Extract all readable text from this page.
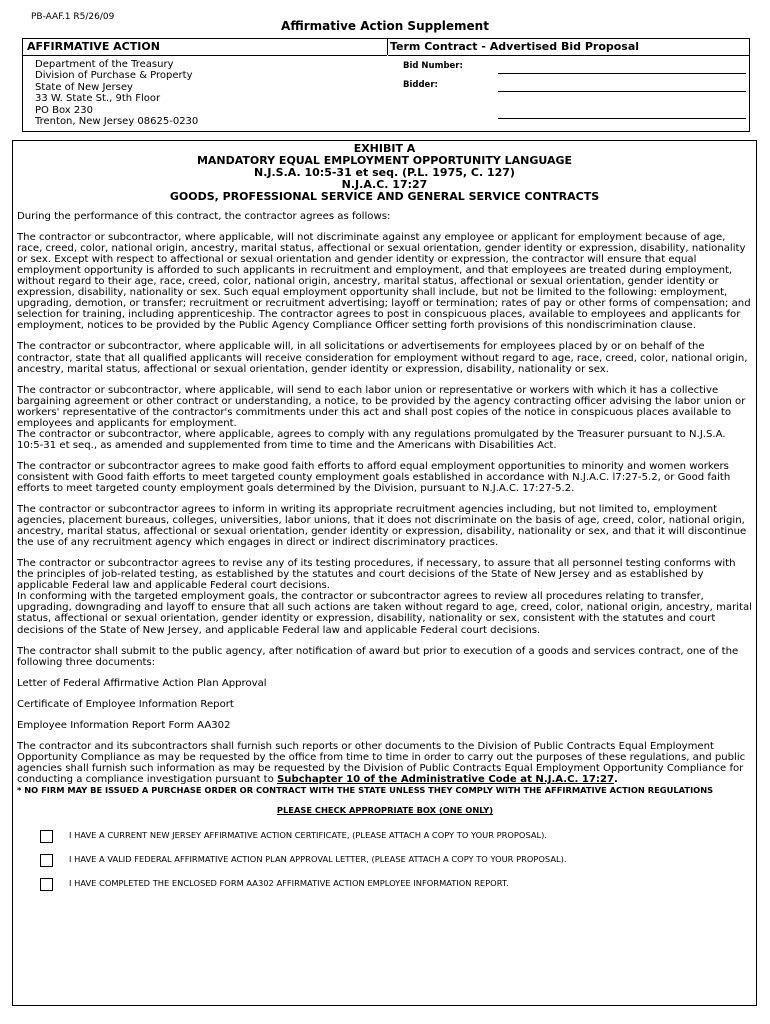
PB-AAF.1 R5/26/09
Affirmative Action Supplement
AFFIRMATIVE ACTION	Term Contract - Advertised Bid Proposal
Department of the Treasury
Division of Purchase & Property
State of New Jersey
33 W. State St., 9th Floor
PO Box 230
Trenton, New Jersey 08625-0230
Bid Number:
Bidder:
EXHIBIT A
MANDATORY EQUAL EMPLOYMENT OPPORTUNITY LANGUAGE
N.J.S.A. 10:5-31 et seq. (P.L. 1975, C. 127)
N.J.A.C. 17:27
GOODS, PROFESSIONAL SERVICE AND GENERAL SERVICE CONTRACTS

During the performance of this contract, the contractor agrees as follows:

The contractor or subcontractor, where applicable, will not discriminate against any employee or applicant for employment because of age, race, creed, color, national origin, ancestry, marital status, affectional or sexual orientation, gender identity or expression, disability, nationality or sex. Except with respect to affectional or sexual orientation and gender identity or expression, the contractor will ensure that equal employment opportunity is afforded to such applicants in recruitment and employment, and that employees are treated during employment, without regard to their age, race, creed, color, national origin, ancestry, marital status, affectional or sexual orientation, gender identity or expression, disability, nationality or sex. Such equal employment opportunity shall include, but not be limited to the following: employment, upgrading, demotion, or transfer; recruitment or recruitment advertising; layoff or termination; rates of pay or other forms of compensation; and selection for training, including apprenticeship. The contractor agrees to post in conspicuous places, available to employees and applicants for employment, notices to be provided by the Public Agency Compliance Officer setting forth provisions of this nondiscrimination clause.

The contractor or subcontractor, where applicable will, in all solicitations or advertisements for employees placed by or on behalf of the contractor, state that all qualified applicants will receive consideration for employment without regard to age, race, creed, color, national origin, ancestry, marital status, affectional or sexual orientation, gender identity or expression, disability, nationality or sex.

The contractor or subcontractor, where applicable, will send to each labor union or representative or workers with which it has a collective bargaining agreement or other contract or understanding, a notice, to be provided by the agency contracting officer advising the labor union or workers' representative of the contractor's commitments under this act and shall post copies of the notice in conspicuous places available to employees and applicants for employment.

The contractor or subcontractor, where applicable, agrees to comply with any regulations promulgated by the Treasurer pursuant to N.J.S.A. 10:5-31 et seq., as amended and supplemented from time to time and the Americans with Disabilities Act.

The contractor or subcontractor agrees to make good faith efforts to afford equal employment opportunities to minority and women workers consistent with Good faith efforts to meet targeted county employment goals established in accordance with N.J.A.C. l7:27-5.2, or Good faith efforts to meet targeted county employment goals determined by the Division, pursuant to N.J.A.C. 17:27-5.2.

The contractor or subcontractor agrees to inform in writing its appropriate recruitment agencies including, but not limited to, employment agencies, placement bureaus, colleges, universities, labor unions, that it does not discriminate on the basis of age, creed, color, national origin, ancestry, marital status, affectional or sexual orientation, gender identity or expression, disability, nationality or sex, and that it will discontinue the use of any recruitment agency which engages in direct or indirect discriminatory practices.

The contractor or subcontractor agrees to revise any of its testing procedures, if necessary, to assure that all personnel testing conforms with the principles of job-related testing, as established by the statutes and court decisions of the State of New Jersey and as established by applicable Federal law and applicable Federal court decisions.

In conforming with the targeted employment goals, the contractor or subcontractor agrees to review all procedures relating to transfer, upgrading, downgrading and layoff to ensure that all such actions are taken without regard to age, creed, color, national origin, ancestry, marital status, affectional or sexual orientation, gender identity or expression, disability, nationality or sex, consistent with the statutes and court decisions of the State of New Jersey, and applicable Federal law and applicable Federal court decisions.

The contractor shall submit to the public agency, after notification of award but prior to execution of a goods and services contract, one of the following three documents:

Letter of Federal Affirmative Action Plan Approval

Certificate of Employee Information Report

Employee Information Report Form AA302

The contractor and its subcontractors shall furnish such reports or other documents to the Division of Public Contracts Equal Employment Opportunity Compliance as may be requested by the office from time to time in order to carry out the purposes of these regulations, and public agencies shall furnish such information as may be requested by the Division of Public Contracts Equal Employment Opportunity Compliance for conducting a compliance investigation pursuant to Subchapter 10 of the Administrative Code at N.J.A.C. 17:27.

* NO FIRM MAY BE ISSUED A PURCHASE ORDER OR CONTRACT WITH THE STATE UNLESS THEY COMPLY WITH THE AFFIRMATIVE ACTION REGULATIONS
PLEASE CHECK APPROPRIATE BOX (ONE ONLY)
I HAVE A CURRENT NEW JERSEY AFFIRMATIVE ACTION CERTIFICATE, (PLEASE ATTACH A COPY TO YOUR PROPOSAL).
I HAVE A VALID FEDERAL AFFIRMATIVE ACTION PLAN APPROVAL LETTER, (PLEASE ATTACH A COPY TO YOUR PROPOSAL).
I HAVE COMPLETED THE ENCLOSED FORM AA302 AFFIRMATIVE ACTION EMPLOYEE INFORMATION REPORT.
